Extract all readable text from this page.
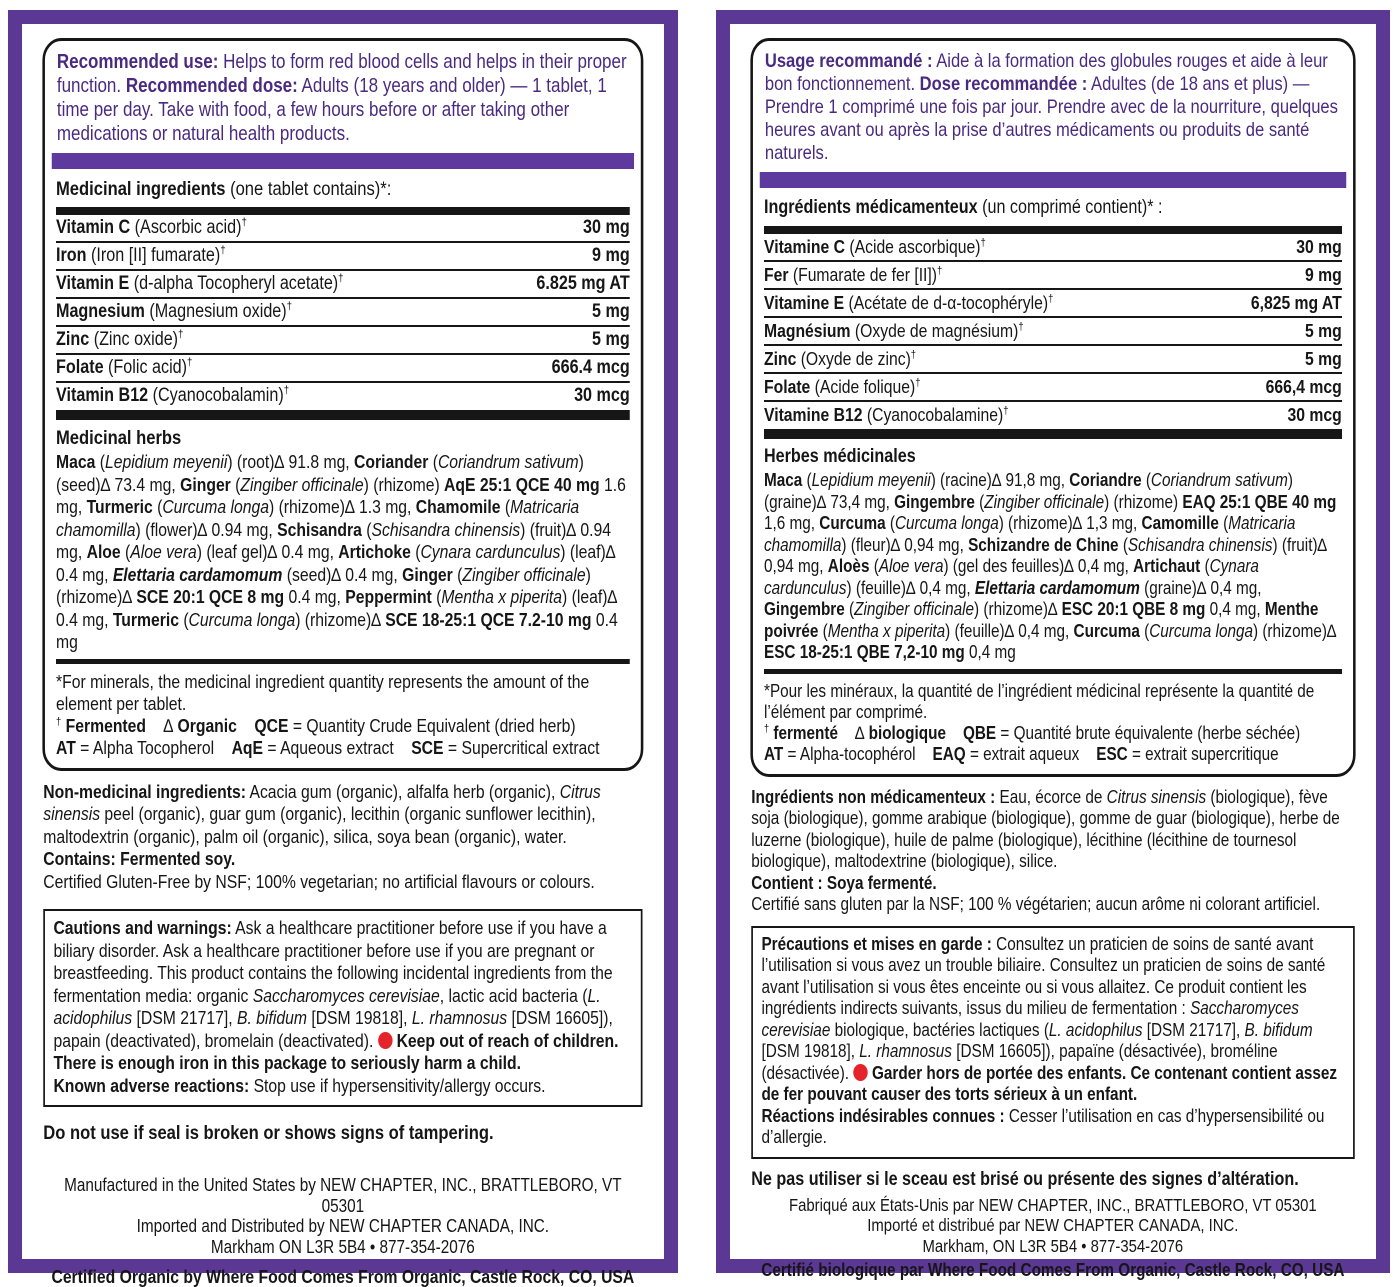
Recommended use: Helps to form red blood cells and helps in their proper function. Recommended dose: Adults (18 years and older) — 1 tablet, 1 time per day. Take with food, a few hours before or after taking other medications or natural health products.

Medicinal ingredients (one tablet contains)*:

Vitamin C (Ascorbic acid)†	30 mg
Iron (Iron [II] fumarate)†	9 mg
Vitamin E (d-alpha Tocopheryl acetate)†	6.825 mg AT
Magnesium (Magnesium oxide)†	5 mg
Zinc (Zinc oxide)†	5 mg
Folate (Folic acid)†	666.4 mcg
Vitamin B12 (Cyanocobalamin)†	30 mcg

Medicinal herbs

Maca (Lepidium meyenii) (root)∆ 91.8 mg, Coriander (Coriandrum sativum) (seed)∆ 73.4 mg, Ginger (Zingiber officinale) (rhizome) AqE 25:1 QCE 40 mg 1.6 mg, Turmeric (Curcuma longa) (rhizome)∆ 1.3 mg, Chamomile (Matricaria chamomilla) (flower)∆ 0.94 mg, Schisandra (Schisandra chinensis) (fruit)∆ 0.94 mg, Aloe (Aloe vera) (leaf gel)∆ 0.4 mg, Artichoke (Cynara cardunculus) (leaf)∆ 0.4 mg, Elettaria cardamomum (seed)∆ 0.4 mg, Ginger (Zingiber officinale) (rhizome)∆ SCE 20:1 QCE 8 mg 0.4 mg, Peppermint (Mentha x piperita) (leaf)∆ 0.4 mg, Turmeric (Curcuma longa) (rhizome)∆ SCE 18-25:1 QCE 7.2-10 mg 0.4 mg

*For minerals, the medicinal ingredient quantity represents the amount of the element per tablet.

† Fermented    ∆ Organic QCE = Quantity Crude Equivalent (dried herb)

AT = Alpha Tocopherol    AqE = Aqueous extract    SCE = Supercritical extract

Non-medicinal ingredients: Acacia gum (organic), alfalfa herb (organic), Citrus sinensis peel (organic), guar gum (organic), lecithin (organic sunflower lecithin), maltodextrin (organic), palm oil (organic), silica, soya bean (organic), water.

Contains: Fermented soy.

Certified Gluten-Free by NSF; 100% vegetarian; no artificial flavours or colours.

Cautions and warnings: Ask a healthcare practitioner before use if you have a biliary disorder. Ask a healthcare practitioner before use if you are pregnant or breastfeeding. This product contains the following incidental ingredients from the fermentation media: organic Saccharomyces cerevisiae, lactic acid bacteria (L. acidophilus [DSM 21717], B. bifidum [DSM 19818], L. rhamnosus [DSM 16605]), papain (deactivated), bromelain (deactivated).  Keep out of reach of children. There is enough iron in this package to seriously harm a child.
Known adverse reactions: Stop use if hypersensitivity/allergy occurs.

Do not use if seal is broken or shows signs of tampering.

Manufactured in the United States by NEW CHAPTER, INC., BRATTLEBORO, VT 05301

Imported and Distributed by NEW CHAPTER CANADA, INC.

Markham ON L3R 5B4 • 877-354-2076

Certified Organic by Where Food Comes From Organic, Castle Rock, CO, USA

Usage recommandé : Aide à la formation des globules rouges et aide à leur bon fonctionnement. Dose recommandée : Adultes (de 18 ans et plus) — Prendre 1 comprimé une fois par jour. Prendre avec de la nourriture, quelques heures avant ou après la prise d’autres médicaments ou produits de santé naturels.

Ingrédients médicamenteux (un comprimé contient)* :

Vitamine C (Acide ascorbique)†	30 mg
Fer (Fumarate de fer [II])†	9 mg
Vitamine E (Acétate de d-α-tocophéryle)†	6,825 mg AT
Magnésium (Oxyde de magnésium)†	5 mg
Zinc (Oxyde de zinc)†	5 mg
Folate (Acide folique)†	666,4 mcg
Vitamine B12 (Cyanocobalamine)†	30 mcg

Herbes médicinales

Maca (Lepidium meyenii) (racine)∆ 91,8 mg, Coriandre (Coriandrum sativum) (graine)∆ 73,4 mg, Gingembre (Zingiber officinale) (rhizome) EAQ 25:1 QBE 40 mg 1,6 mg, Curcuma (Curcuma longa) (rhizome)∆ 1,3 mg, Camomille (Matricaria chamomilla) (fleur)∆ 0,94 mg, Schizandre de Chine (Schisandra chinensis) (fruit)∆ 0,94 mg, Aloès (Aloe vera) (gel des feuilles)∆ 0,4 mg, Artichaut (Cynara cardunculus) (feuille)∆ 0,4 mg, Elettaria cardamomum (graine)∆ 0,4 mg, Gingembre (Zingiber officinale) (rhizome)∆ ESC 20:1 QBE 8 mg 0,4 mg, Menthe poivrée (Mentha x piperita) (feuille)∆ 0,4 mg, Curcuma (Curcuma longa) (rhizome)∆ ESC 18-25:1 QBE 7,2-10 mg 0,4 mg

*Pour les minéraux, la quantité de l’ingrédient médicinal représente la quantité de l’élément par comprimé.

† fermenté    ∆ biologique QBE = Quantité brute équivalente (herbe séchée)

AT = Alpha-tocophérol    EAQ = extrait aqueux    ESC = extrait supercritique

Ingrédients non médicamenteux : Eau, écorce de Citrus sinensis (biologique), fève soja (biologique), gomme arabique (biologique), gomme de guar (biologique), herbe de luzerne (biologique), huile de palme (biologique), lécithine (lécithine de tournesol biologique), maltodextrine (biologique), silice.

Contient : Soya fermenté.

Certifié sans gluten par la NSF; 100 % végétarien; aucun arôme ni colorant artificiel.

Précautions et mises en garde : Consultez un praticien de soins de santé avant l’utilisation si vous avez un trouble biliaire. Consultez un praticien de soins de santé avant l’utilisation si vous êtes enceinte ou si vous allaitez. Ce produit contient les ingrédients indirects suivants, issus du milieu de fermentation : Saccharomyces cerevisiae biologique, bactéries lactiques (L. acidophilus [DSM 21717], B. bifidum [DSM 19818], L. rhamnosus [DSM 16605]), papaïne (désactivée), broméline (désactivée).  Garder hors de portée des enfants. Ce contenant contient assez de fer pouvant causer des torts sérieux à un enfant.
Réactions indésirables connues : Cesser l’utilisation en cas d’hypersensibilité ou d’allergie.

Ne pas utiliser si le sceau est brisé ou présente des signes d’altération.

Fabriqué aux États-Unis par NEW CHAPTER, INC., BRATTLEBORO, VT 05301

Importé et distribué par NEW CHAPTER CANADA, INC.

Markham, ON L3R 5B4 • 877-354-2076

Certifié biologique par Where Food Comes From Organic, Castle Rock, CO, USA
